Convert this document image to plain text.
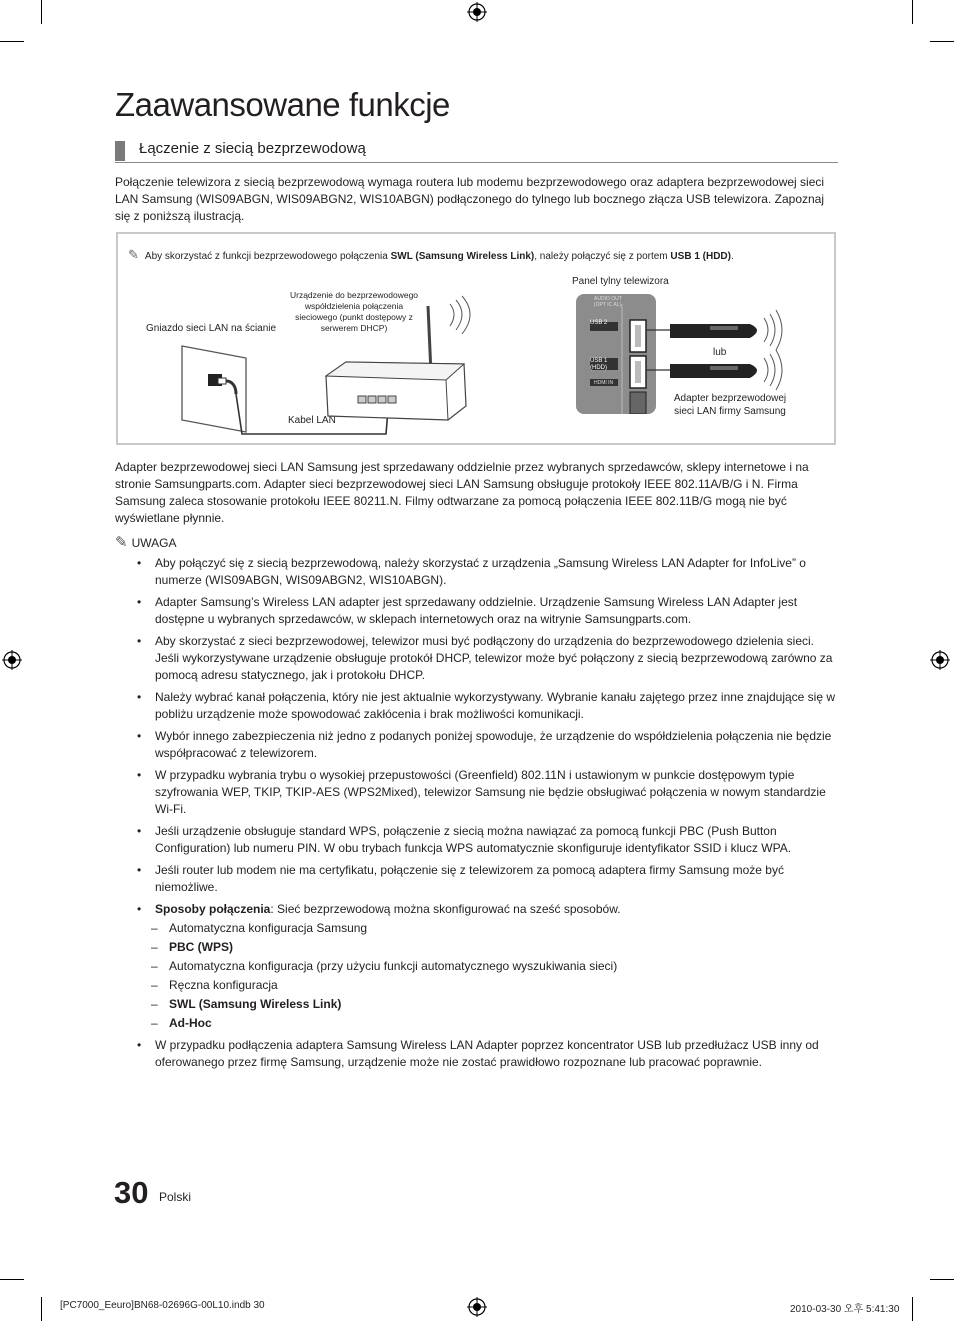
Zaawansowane funkcje
Łączenie z siecią bezprzewodową
Połączenie telewizora z siecią bezprzewodową wymaga routera lub modemu bezprzewodowego oraz adaptera bezprzewodowej sieci LAN Samsung (WIS09ABGN, WIS09ABGN2, WIS10ABGN) podłączonego do tylnego lub bocznego złącza USB telewizora. Zapoznaj się z poniższą ilustracją.
✎ Aby skorzystać z funkcji bezprzewodowego połączenia SWL (Samsung Wireless Link), należy połączyć się z portem USB 1 (HDD).
Gniazdo sieci LAN na ścianie
Urządzenie do bezprzewodowego współdzielenia połączenia sieciowego (punkt dostępowy z serwerem DHCP)
Kabel LAN
Panel tylny telewizora
lub
Adapter bezprzewodowej sieci LAN firmy Samsung
USB 2
USB 1 (HDD)
AUDIO OUT (OPT IC AL)
HDMI IN
Adapter bezprzewodowej sieci LAN Samsung jest sprzedawany oddzielnie przez wybranych sprzedawców, sklepy internetowe i na stronie Samsungparts.com. Adapter sieci bezprzewodowej sieci LAN Samsung obsługuje protokoły IEEE 802.11A/B/G i N. Firma Samsung zaleca stosowanie protokołu IEEE 80211.N. Filmy odtwarzane za pomocą połączenia IEEE 802.11B/G mogą nie być wyświetlane płynnie.
✎ UWAGA
• Aby połączyć się z siecią bezprzewodową, należy skorzystać z urządzenia „Samsung Wireless LAN Adapter for InfoLive” o numerze (WIS09ABGN, WIS09ABGN2, WIS10ABGN).
• Adapter Samsung’s Wireless LAN adapter jest sprzedawany oddzielnie. Urządzenie Samsung Wireless LAN Adapter jest dostępne u wybranych sprzedawców, w sklepach internetowych oraz na witrynie Samsungparts.com.
• Aby skorzystać z sieci bezprzewodowej, telewizor musi być podłączony do urządzenia do bezprzewodowego dzielenia sieci. Jeśli wykorzystywane urządzenie obsługuje protokół DHCP, telewizor może być połączony z siecią bezprzewodową zarówno za pomocą adresu statycznego, jak i protokołu DHCP.
• Należy wybrać kanał połączenia, który nie jest aktualnie wykorzystywany. Wybranie kanału zajętego przez inne znajdujące się w pobliżu urządzenie może spowodować zakłócenia i brak możliwości komunikacji.
• Wybór innego zabezpieczenia niż jedno z podanych poniżej spowoduje, że urządzenie do współdzielenia połączenia nie będzie współpracować z telewizorem.
• W przypadku wybrania trybu o wysokiej przepustowości (Greenfield) 802.11N i ustawionym w punkcie dostępowym typie szyfrowania WEP, TKIP, TKIP-AES (WPS2Mixed), telewizor Samsung nie będzie obsługiwać połączenia w nowym standardzie Wi-Fi.
• Jeśli urządzenie obsługuje standard WPS, połączenie z siecią można nawiązać za pomocą funkcji PBC (Push Button Configuration) lub numeru PIN. W obu trybach funkcja WPS automatycznie skonfiguruje identyfikator SSID i klucz WPA.
• Jeśli router lub modem nie ma certyfikatu, połączenie się z telewizorem za pomocą adaptera firmy Samsung może być niemożliwe.
• Sposoby połączenia: Sieć bezprzewodową można skonfigurować na sześć sposobów.
– Automatyczna konfiguracja Samsung
– PBC (WPS)
– Automatyczna konfiguracja (przy użyciu funkcji automatycznego wyszukiwania sieci)
– Ręczna konfiguracja
– SWL (Samsung Wireless Link)
– Ad-Hoc
• W przypadku podłączenia adaptera Samsung Wireless LAN Adapter poprzez koncentrator USB lub przedłużacz USB inny od oferowanego przez firmę Samsung, urządzenie może nie zostać prawidłowo rozpoznane lub pracować poprawnie.
30 Polski
[PC7000_Eeuro]BN68-02696G-00L10.indb 30	2010-03-30 오후 5:41:30
